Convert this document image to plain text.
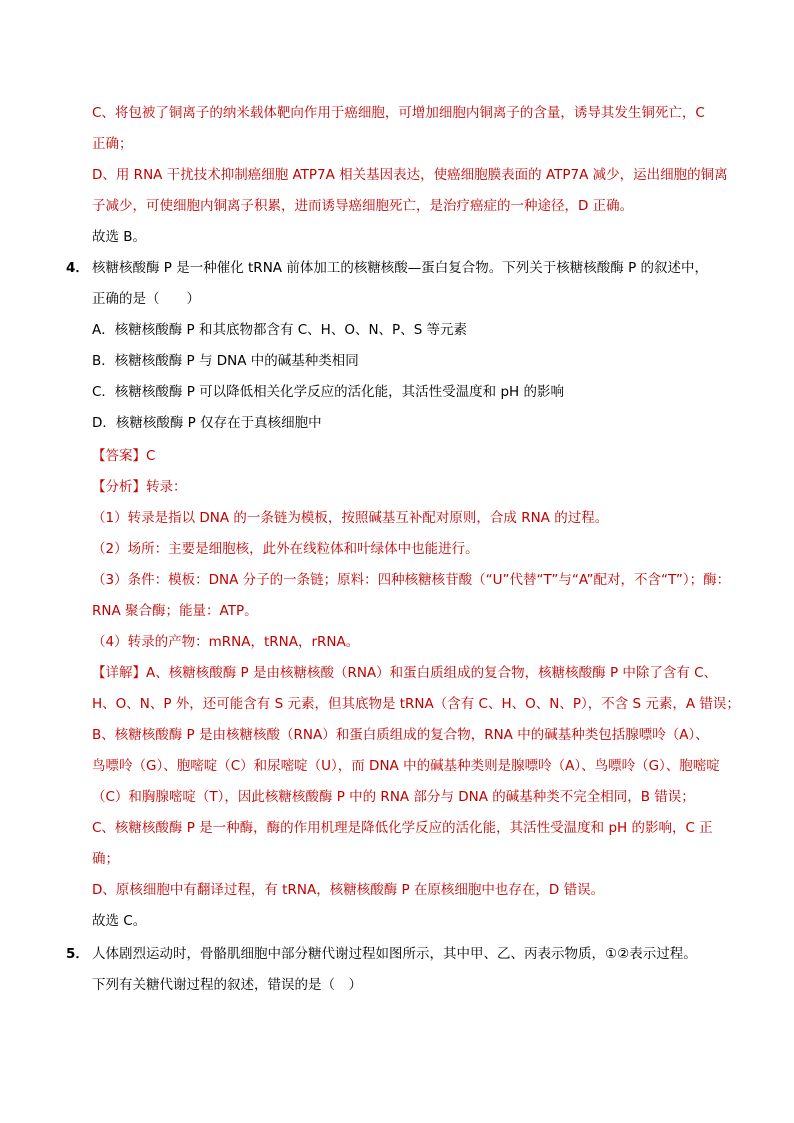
C、将包被了铜离子的纳米载体靶向作用于癌细胞，可增加细胞内铜离子的含量，诱导其发生铜死亡，C
正确；
D、用 RNA 干扰技术抑制癌细胞 ATP7A 相关基因表达，使癌细胞膜表面的 ATP7A 减少，运出细胞的铜离
子减少，可使细胞内铜离子积累，进而诱导癌细胞死亡，是治疗癌症的一种途径，D 正确。
故选 B。
4． 核糖核酸酶 P 是一种催化 tRNA 前体加工的核糖核酸—蛋白复合物。下列关于核糖核酸酶 P 的叙述中，
正确的是（　　）
A．核糖核酸酶 P 和其底物都含有 C、H、O、N、P、S 等元素
B．核糖核酸酶 P 与 DNA 中的碱基种类相同
C．核糖核酸酶 P 可以降低相关化学反应的活化能，其活性受温度和 pH 的影响
D．核糖核酸酶 P 仅存在于真核细胞中
【答案】C
【分析】转录：
（1）转录是指以 DNA 的一条链为模板，按照碱基互补配对原则，合成 RNA 的过程。
（2）场所：主要是细胞核，此外在线粒体和叶绿体中也能进行。
（3）条件：模板：DNA 分子的一条链；原料：四种核糖核苷酸（“U”代替“T”与“A”配对，不含“T”）；酶：
RNA 聚合酶；能量：ATP。
（4）转录的产物：mRNA，tRNA，rRNA。
【详解】A、核糖核酸酶 P 是由核糖核酸（RNA）和蛋白质组成的复合物，核糖核酸酶 P 中除了含有 C、
H、O、N、P 外，还可能含有 S 元素，但其底物是 tRNA（含有 C、H、O、N、P），不含 S 元素，A 错误；
B、核糖核酸酶 P 是由核糖核酸（RNA）和蛋白质组成的复合物，RNA 中的碱基种类包括腺嘌呤（A）、
鸟嘌呤（G）、胞嘧啶（C）和尿嘧啶（U），而 DNA 中的碱基种类则是腺嘌呤（A）、鸟嘌呤（G）、胞嘧啶
（C）和胸腺嘧啶（T），因此核糖核酸酶 P 中的 RNA 部分与 DNA 的碱基种类不完全相同，B 错误；
C、核糖核酸酶 P 是一种酶，酶的作用机理是降低化学反应的活化能，其活性受温度和 pH 的影响，C 正
确；
D、原核细胞中有翻译过程，有 tRNA，核糖核酸酶 P 在原核细胞中也存在，D 错误。
故选 C。
5． 人体剧烈运动时，骨骼肌细胞中部分糖代谢过程如图所示，其中甲、乙、丙表示物质，①②表示过程。
下列有关糖代谢过程的叙述，错误的是（　）
